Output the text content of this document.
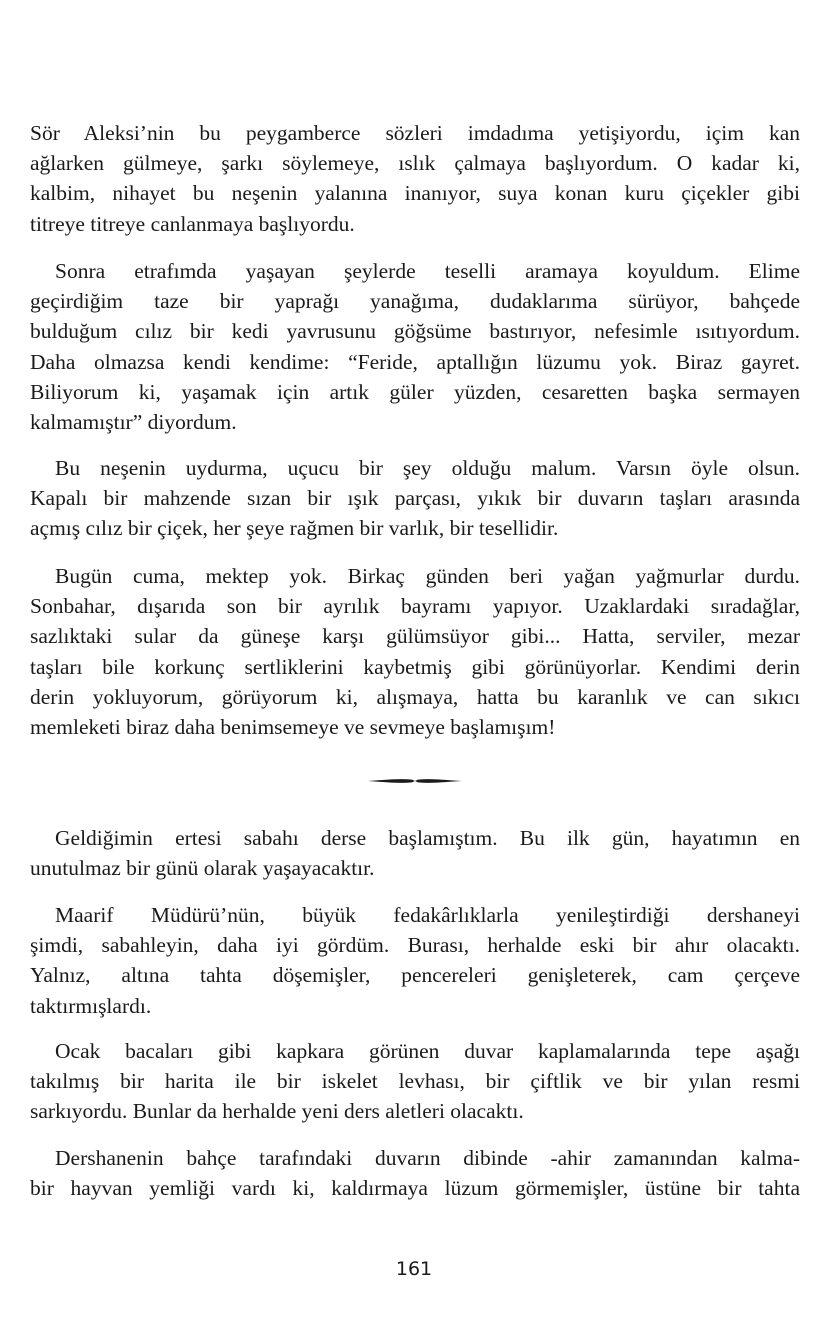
Sör Aleksi’nin bu peygamberce sözleri imdadıma yetişiyordu, içim kan
ağlarken gülmeye, şarkı söylemeye, ıslık çalmaya başlıyordum. O kadar ki,
kalbim, nihayet bu neşenin yalanına inanıyor, suya konan kuru çiçekler gibi
titreye titreye canlanmaya başlıyordu.
Sonra etrafımda yaşayan şeylerde teselli aramaya koyuldum. Elime
geçirdiğim taze bir yaprağı yanağıma, dudaklarıma sürüyor, bahçede
bulduğum cılız bir kedi yavrusunu göğsüme bastırıyor, nefesimle ısıtıyordum.
Daha olmazsa kendi kendime: “Feride, aptallığın lüzumu yok. Biraz gayret.
Biliyorum ki, yaşamak için artık güler yüzden, cesaretten başka sermayen
kalmamıştır” diyordum.
Bu neşenin uydurma, uçucu bir şey olduğu malum. Varsın öyle olsun.
Kapalı bir mahzende sızan bir ışık parçası, yıkık bir duvarın taşları arasında
açmış cılız bir çiçek, her şeye rağmen bir varlık, bir tesellidir.
Bugün cuma, mektep yok. Birkaç günden beri yağan yağmurlar durdu.
Sonbahar, dışarıda son bir ayrılık bayramı yapıyor. Uzaklardaki sıradağlar,
sazlıktaki sular da güneşe karşı gülümsüyor gibi... Hatta, serviler, mezar
taşları bile korkunç sertliklerini kaybetmiş gibi görünüyorlar. Kendimi derin
derin yokluyorum, görüyorum ki, alışmaya, hatta bu karanlık ve can sıkıcı
memleketi biraz daha benimsemeye ve sevmeye başlamışım!
Geldiğimin ertesi sabahı derse başlamıştım. Bu ilk gün, hayatımın en
unutulmaz bir günü olarak yaşayacaktır.
Maarif Müdürü’nün, büyük fedakârlıklarla yenileştirdiği dershaneyi
şimdi, sabahleyin, daha iyi gördüm. Burası, herhalde eski bir ahır olacaktı.
Yalnız, altına tahta döşemişler, pencereleri genişleterek, cam çerçeve
taktırmışlardı.
Ocak bacaları gibi kapkara görünen duvar kaplamalarında tepe aşağı
takılmış bir harita ile bir iskelet levhası, bir çiftlik ve bir yılan resmi
sarkıyordu. Bunlar da herhalde yeni ders aletleri olacaktı.
Dershanenin bahçe tarafındaki duvarın dibinde -ahir zamanından kalma-
bir hayvan yemliği vardı ki, kaldırmaya lüzum görmemişler, üstüne bir tahta
161
